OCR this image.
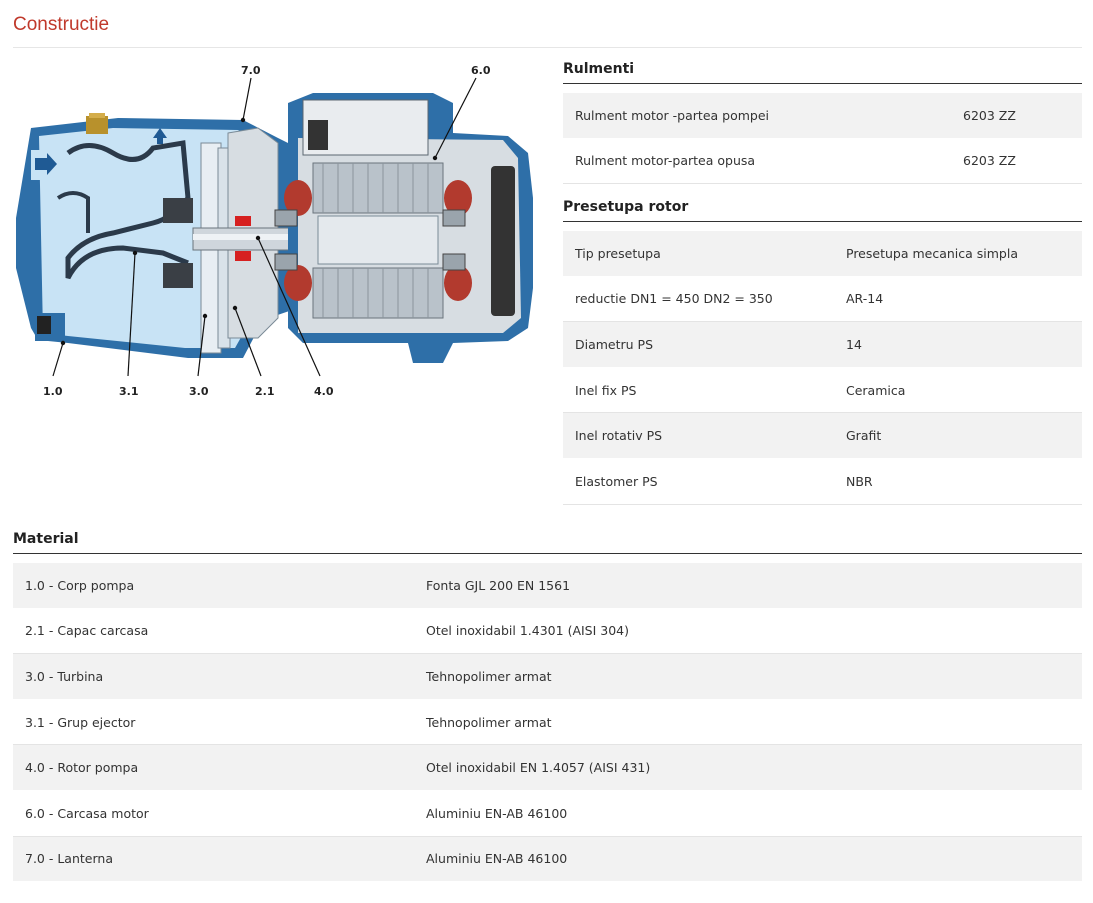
Constructie
7.0	6.0
1.0	3.1	3.0	2.1	4.0
Rulmenti
Rulment motor -partea pompei	6203 ZZ
Rulment motor-partea opusa	6203 ZZ
Presetupa rotor
Tip presetupa	Presetupa mecanica simpla
reductie DN1 = 450 DN2 = 350	AR-14
Diametru PS	14
Inel fix PS	Ceramica
Inel rotativ PS	Grafit
Elastomer PS	NBR
Material
1.0 - Corp pompa	Fonta GJL 200 EN 1561
2.1 - Capac carcasa	Otel inoxidabil 1.4301 (AISI 304)
3.0 - Turbina	Tehnopolimer armat
3.1 - Grup ejector	Tehnopolimer armat
4.0 - Rotor pompa	Otel inoxidabil EN 1.4057 (AISI 431)
6.0 - Carcasa motor	Aluminiu EN-AB 46100
7.0 - Lanterna	Aluminiu EN-AB 46100
